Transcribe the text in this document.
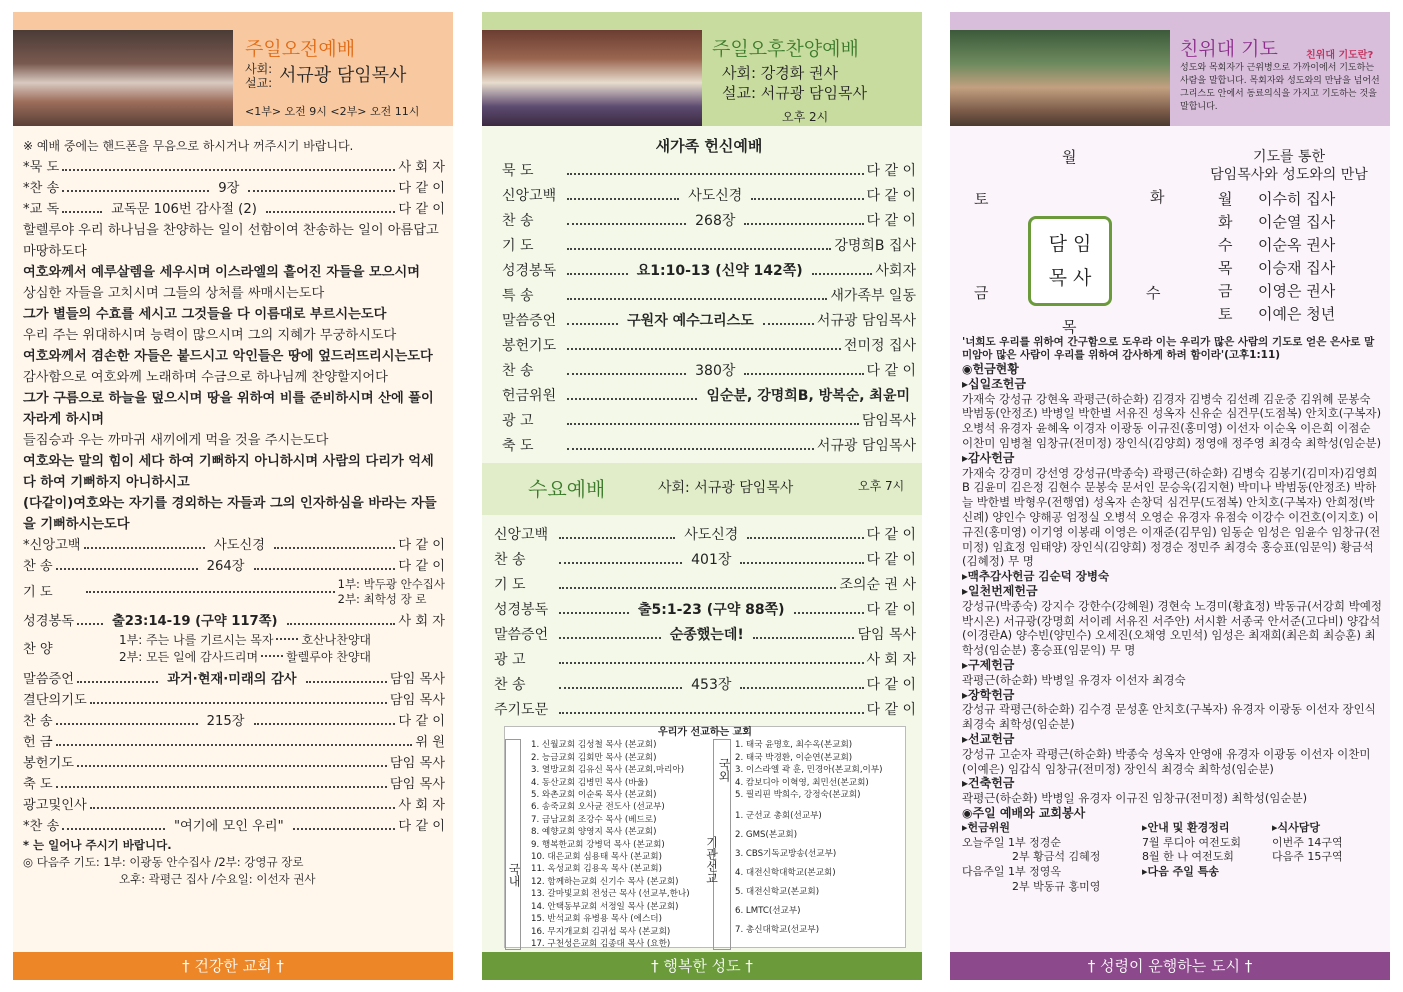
주일오전예배
사회:
설교: 서규광 담임목사
<1부> 오전 9시 <2부> 오전 11시
※ 예배 중에는 핸드폰을 무음으로 하시거나 꺼주시기 바랍니다.
*묵 도	사 회 자
*찬 송	9장	다 같 이
*교 독	교독문 106번 감사절 (2)	다 같 이
할렐루야 우리 하나님을 찬양하는 일이 선함이여 찬송하는 일이 아름답고 마땅하도다
여호와께서 예루살렘을 세우시며 이스라엘의 흩어진 자들을 모으시며
상심한 자들을 고치시며 그들의 상처를 싸매시는도다
그가 별들의 수효를 세시고 그것들을 다 이름대로 부르시는도다
우리 주는 위대하시며 능력이 많으시며 그의 지혜가 무궁하시도다
여호와께서 겸손한 자들은 붙드시고 악인들은 땅에 엎드러뜨리시는도다
감사함으로 여호와께 노래하며 수금으로 하나님께 찬양할지어다
그가 구름으로 하늘을 덮으시며 땅을 위하여 비를 준비하시며 산에 풀이 자라게 하시며
들짐승과 우는 까마귀 새끼에게 먹을 것을 주시는도다
여호와는 말의 힘이 세다 하여 기뻐하지 아니하시며 사람의 다리가 억세다 하여 기뻐하지 아니하시고
(다같이)여호와는 자기를 경외하는 자들과 그의 인자하심을 바라는 자들을 기뻐하시는도다
*신앙고백	사도신경	다 같 이
찬 송	264장	다 같 이
기 도
1부: 박두광 안수집사
2부: 최학성 장 로
성경봉독	출23:14-19 (구약 117쪽)	사 회 자
찬 양
1부: 주는 나를 기르시는 목자 호산나찬양대
2부: 모든 일에 감사드리며 할렐루야 찬양대
말씀증언	과거·현재·미래의 감사	담임 목사
결단의기도	담임 목사
찬 송	215장	다 같 이
헌 금	위 원
봉헌기도	담임 목사
축 도	담임 목사
광고및인사	사 회 자
*찬 송	"여기에 모인 우리"	다 같 이
* 는 일어나 주시기 바랍니다.
◎ 다음주 기도: 1부: 이광동 안수집사 /2부: 강영규 장로
오후: 곽평근 집사 /수요일: 이선자 권사
† 건강한 교회 †
주일오후찬양예배
사회: 강경화 권사
설교: 서규광 담임목사
오후 2시
새가족 헌신예배
묵 도	다 같 이
신앙고백	사도신경	다 같 이
찬 송	268장	다 같 이
기 도	강명희B 집사
성경봉독	요1:10-13 (신약 142쪽)	사회자
특 송	새가족부 일동
말씀증언	구원자 예수그리스도	서규광 담임목사
봉헌기도	전미정 집사
찬 송	380장	다 같 이
헌금위원	임순분, 강명희B, 방복순, 최윤미
광 고	담임목사
축 도	서규광 담임목사
수요예배	사회: 서규광 담임목사	오후 7시
신앙고백	사도신경	다 같 이
찬 송	401장	다 같 이
기 도	조의순 권 사
성경봉독	출5:1-23 (구약 88쪽)	다 같 이
말씀증언	순종했는데!	담임 목사
광 고	사 회 자
찬 송	453장	다 같 이
주기도문	다 같 이
우리가 선교하는 교회
국내
1. 신월교회 김성철 목사 (본교회)
2. 능금교회 김회만 목사 (본교회)
3. 열방교회 김유신 목사 (본교회,마리아)
4. 동산교회 김병민 목사 (바울)
5. 와촌교회 이순록 목사 (본교회)
6. 송죽교회 오사균 전도사 (선교부)
7. 금남교회 조강수 목사 (베드로)
8. 예향교회 양영지 목사 (본교회)
9. 행복한교회 강병덕 목사 (본교회)
10. 대은교회 심용태 목사 (본교회)
11. 옥성교회 김용옥 목사 (본교회)
12. 함께하는교회 신기수 목사 (본교회)
13. 갈마빛교회 전성근 목사 (선교부,한나)
14. 안택동부교회 서정일 목사 (본교회)
15. 반석교회 유병용 목사 (에스더)
16. 무지개교회 김귀섭 목사 (본교회)
17. 구천성은교회 김종대 목사 (요한)
국외
기관선교
1. 태국 윤명호, 최수옥(본교회)
2. 태국 박경환, 이순연(본교회)
3. 이스라엘 곽 훈, 민경아(본교회,이부)
4. 캄보디아 이혁영, 최민선(본교회)
5. 필리핀 박희수, 강정숙(본교회)
1. 군선교 총회(선교부)
2. GMS(본교회)
3. CBS기독교방송(선교부)
4. 대전신학대학교(본교회)
5. 대전신학교(본교회)
6. LMTC(선교부)
7. 총신대학교(선교부)
† 행복한 성도 †
친위대 기도	친위대 기도란?
성도와 목회자가 근위병으로 가까이에서 기도하는 사람을 말합니다. 목회자와 성도와의 만남을 넘어선 그리스도 안에서 동료의식을 가지고 기도하는 것을 말합니다.
월
화
수
목
금
토
담 임
목 사
기도를 통한
담임목사와 성도와의 만남
월 이수히 집사
화 이순열 집사
수 이순옥 권사
목 이승재 집사
금 이영은 권사
토 이예은 청년

'너희도 우리를 위하여 간구함으로 도우라 이는 우리가 많은 사람의 기도로 얻은 은사로 말미암아 많은 사람이 우리를 위하여 감사하게 하려 함이라'(고후1:11)

◉헌금현황

▸십일조헌금

가재숙 강성규 강현옥 곽평근(하순화) 김경자 김병숙 김선례 김운중 김위혜 문봉숙 박범동(안정조) 박병일 박한별 서유진 성옥자 신유순 심건무(도점복) 안치호(구복자) 오병석 유경자 윤혜옥 이경자 이광동 이규진(홍미영) 이선자 이순옥 이은희 이점순 이찬미 임병철 임창규(전미정) 장인식(김양희) 정영애 정주영 최경숙 최학성(임순분)

▸감사헌금

가재숙 강경미 강선영 강성규(박종숙) 곽평근(하순화) 김병숙 김봉기(김미자)김영희B 김윤미 김은정 김현수 문봉숙 문서인 문승욱(김지현) 박미나 박범동(안정조) 박하늘 박한별 박형우(전행엽) 성옥자 손창덕 심건무(도점복) 안치호(구복자) 안희정(박신례) 양인수 양해공 엄정실 오병석 오영순 유경자 유점숙 이강수 이건호(이지호) 이규진(홍미영) 이기영 이봉래 이영은 이재준(김무임) 임동순 임성은 임윤수 임창규(전미정) 임효정 임태양) 장인식(김양희) 정경순 정민주 최경숙 홍승표(임문익) 황금석(김혜정) 무 명

▸맥추감사헌금 김순덕 장병숙

▸일천번제헌금

강성규(박종숙) 강지수 강한수(강혜원) 경현숙 노경미(황효정) 박동규(서강희 박예정 박시온) 서규광(강명희 서이레 서유진 서주안) 서시환 서종국 안서준(고다비) 양갑석(이경란A) 양수빈(양민수) 오세진(오채영 오민석) 임성은 최재희(최은희 최승훈) 최학성(임순분) 홍승표(임문익) 무 명

▸구제헌금

곽평근(하순화) 박병일 유경자 이선자 최경숙

▸장학헌금

강성규 곽평근(하순화) 김수경 문성훈 안치호(구복자) 유경자 이광동 이선자 장인식 최경숙 최학성(임순분)

▸선교헌금

강성규 고순자 곽평근(하순화) 박종숙 성옥자 안영애 유경자 이광동 이선자 이찬미(이예은) 임갑식 임창규(전미정) 장인식 최경숙 최학성(임순분)

▸건축헌금

곽평근(하순화) 박병일 유경자 이규진 임창규(전미정) 최학성(임순분)

◉주일 예배와 교회봉사

▸헌금위원
오늘주일 1부 정경순
2부 황금석 김혜정
다음주일 1부 정영옥
2부 박동규 홍미영
▸안내 및 환경정리
7월 루디아 여전도회
8월 한 나 여전도회
▸다음 주일 특송
▸식사담당
이번주 14구역
다음주 15구역
† 성령이 운행하는 도시 †
